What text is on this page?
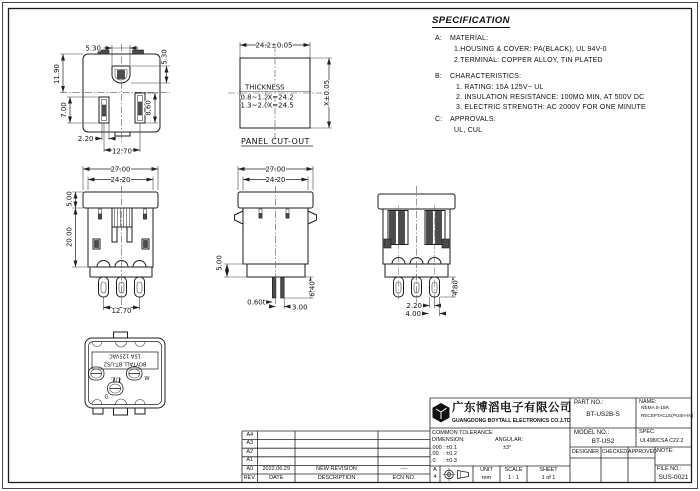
5.30
5.30
11.90
7.00	8.60
2.20
12.70
24.2±0.05
X±0.05
THICKNESS
0.8~1.2
X=24.2
1.3~2.0
X=24.5
PANEL CUT-OUT
27.00
24.20
5.00
20.00
12.70
27.00
24.20
5.00
6.40
0.60t
3.00	2.20
4.00
4.80
BOYTALL BT-US2
15A 125VAC
UL	W
G
SPECIFICATION
A: MATERIAL:
1.HOUSING & COVER: PA(BLACK), UL 94V-0
2.TERMINAL: COPPER ALLOY, TIN PLATED
B: CHARACTERISTICS:
1. RATING: 15A 125V~ UL
2. INSULATION RESISTANCE: 100MΩ MIN, AT 500V DC
3. ELECTRIC STRENGTH: AC 2000V FOR ONE MINUTE
C: APPROVALS:
UL, CUL
广东博滔电子有限公司
GUANGDONG BOYTALL ELECTRONICS CO.,LTD
PART NO.:
BT-US2B-S
NAME:
NEMA 5-15R
RECEPTACLE(PUSH-IN)
MODEL NO.:
BT-US2
SPEC:
UL498/CSA C22.2
DESIGNER CHECKED APPROVED NOTE:
FILE NO.:
SUS-0021
COMMON TOLERANCE
DIMENSION:	ANGULAR:
.000 : ±0.1	±3°
.00   : ±0.2
.0     : ±0.3
A
4
UNIT
mm
SCALE
1 : 1
SHEET
1 of 1
A4
A3
A2
A1
A0	2022.06.29	NEW REVISION	----
REV.	DATE	DESCRIPTION	ECN NO.
